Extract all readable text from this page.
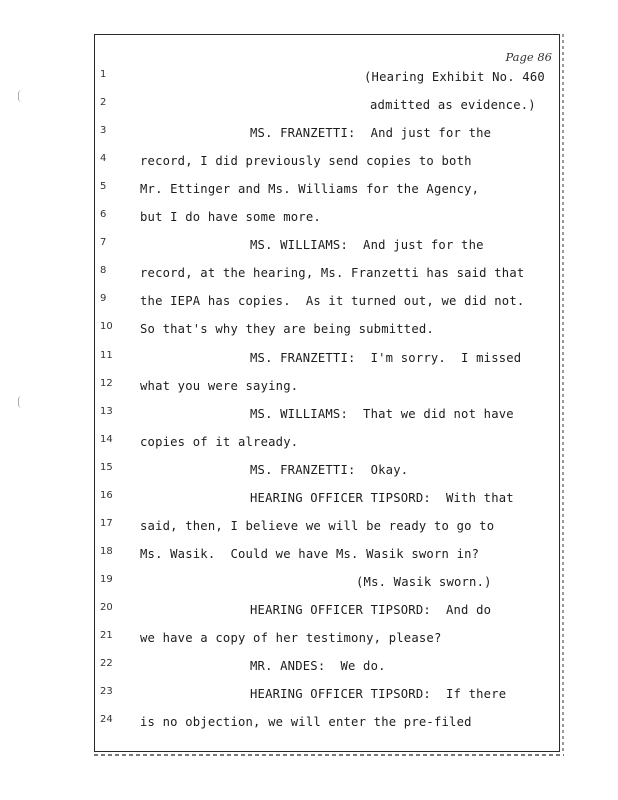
Page 86
1	(Hearing Exhibit No. 460
2	admitted as evidence.)
3	MS. FRANZETTI:  And just for the
4	record, I did previously send copies to both
5	Mr. Ettinger and Ms. Williams for the Agency,
6	but I do have some more.
7	MS. WILLIAMS:  And just for the
8	record, at the hearing, Ms. Franzetti has said that
9	the IEPA has copies.  As it turned out, we did not.
10	So that's why they are being submitted.
11	MS. FRANZETTI:  I'm sorry.  I missed
12	what you were saying.
13	MS. WILLIAMS:  That we did not have
14	copies of it already.
15	MS. FRANZETTI:  Okay.
16	HEARING OFFICER TIPSORD:  With that
17	said, then, I believe we will be ready to go to
18	Ms. Wasik.  Could we have Ms. Wasik sworn in?
19	(Ms. Wasik sworn.)
20	HEARING OFFICER TIPSORD:  And do
21	we have a copy of her testimony, please?
22	MR. ANDES:  We do.
23	HEARING OFFICER TIPSORD:  If there
24	is no objection, we will enter the pre-filed
